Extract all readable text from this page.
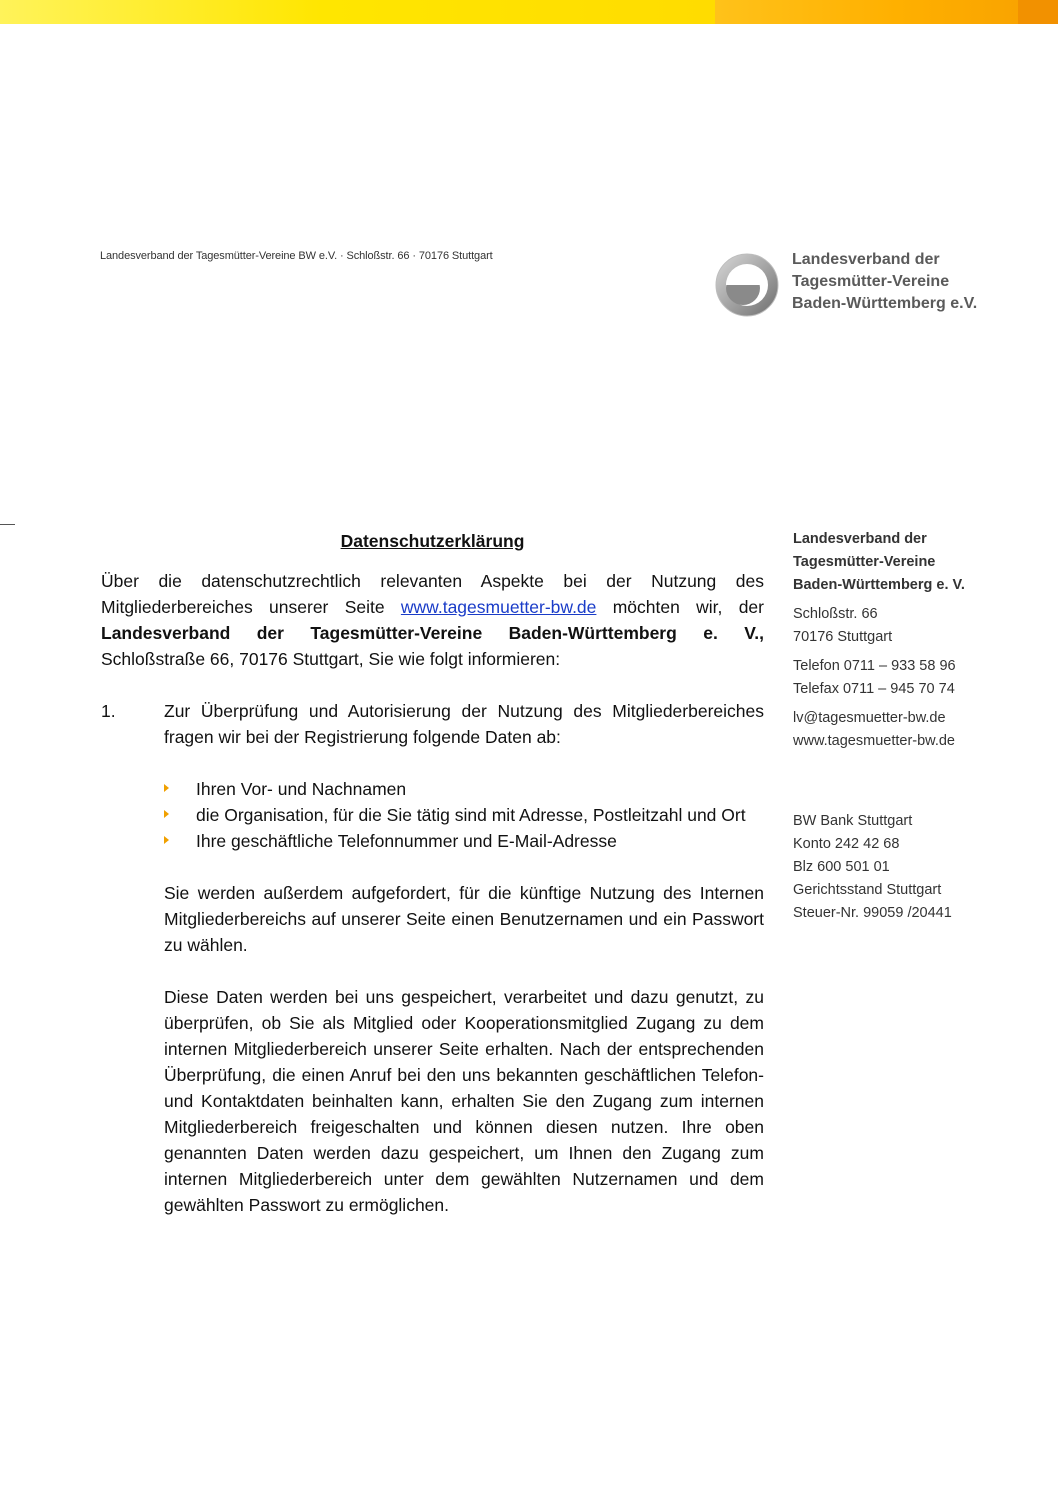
Landesverband der Tagesmütter-Vereine BW e.V. · Schloßstr. 66 · 70176 Stuttgart	Landesverband der
Tagesmütter-Vereine
Baden-Württemberg e.V.
Landesverband der
Tagesmütter-Vereine
Baden-Württemberg e. V.
Schloßstr. 66
70176 Stuttgart
Telefon 0711 – 933 58 96
Telefax 0711 – 945 70 74
lv@tagesmuetter-bw.de
www.tagesmuetter-bw.de
BW Bank Stuttgart
Konto 242 42 68
Blz 600 501 01
Gerichtsstand Stuttgart
Steuer-Nr. 99059 /20441
Datenschutzerklärung

Über die datenschutzrechtlich relevanten Aspekte bei der Nutzung des Mitgliederbereiches unserer Seite www.tagesmuetter-bw.de möchten wir, der Landesverband der Tagesmütter-Vereine Baden-Württemberg e. V., Schloßstraße 66, 70176 Stuttgart, Sie wie folgt informieren:

1.	Zur Überprüfung und Autorisierung der Nutzung des Mitgliederbereiches fragen wir bei der Registrierung folgende Daten ab:

Ihren Vor- und Nachnamen
die Organisation, für die Sie tätig sind mit Adresse, Postleitzahl und Ort
Ihre geschäftliche Telefonnummer und E-Mail-Adresse

Sie werden außerdem aufgefordert, für die künftige Nutzung des Internen Mitgliederbereichs auf unserer Seite einen Benutzernamen und ein Passwort zu wählen.

Diese Daten werden bei uns gespeichert, verarbeitet und dazu genutzt, zu überprüfen, ob Sie als Mitglied oder Kooperationsmitglied Zugang zu dem internen Mitgliederbereich unserer Seite erhalten. Nach der entsprechenden Überprüfung, die einen Anruf bei den uns bekannten geschäftlichen Telefon- und Kontaktdaten beinhalten kann, erhalten Sie den Zugang zum internen Mitgliederbereich freigeschalten und können diesen nutzen. Ihre oben genannten Daten werden dazu gespeichert, um Ihnen den Zugang zum internen Mitgliederbereich unter dem gewählten Nutzernamen und dem gewählten Passwort zu ermöglichen.
